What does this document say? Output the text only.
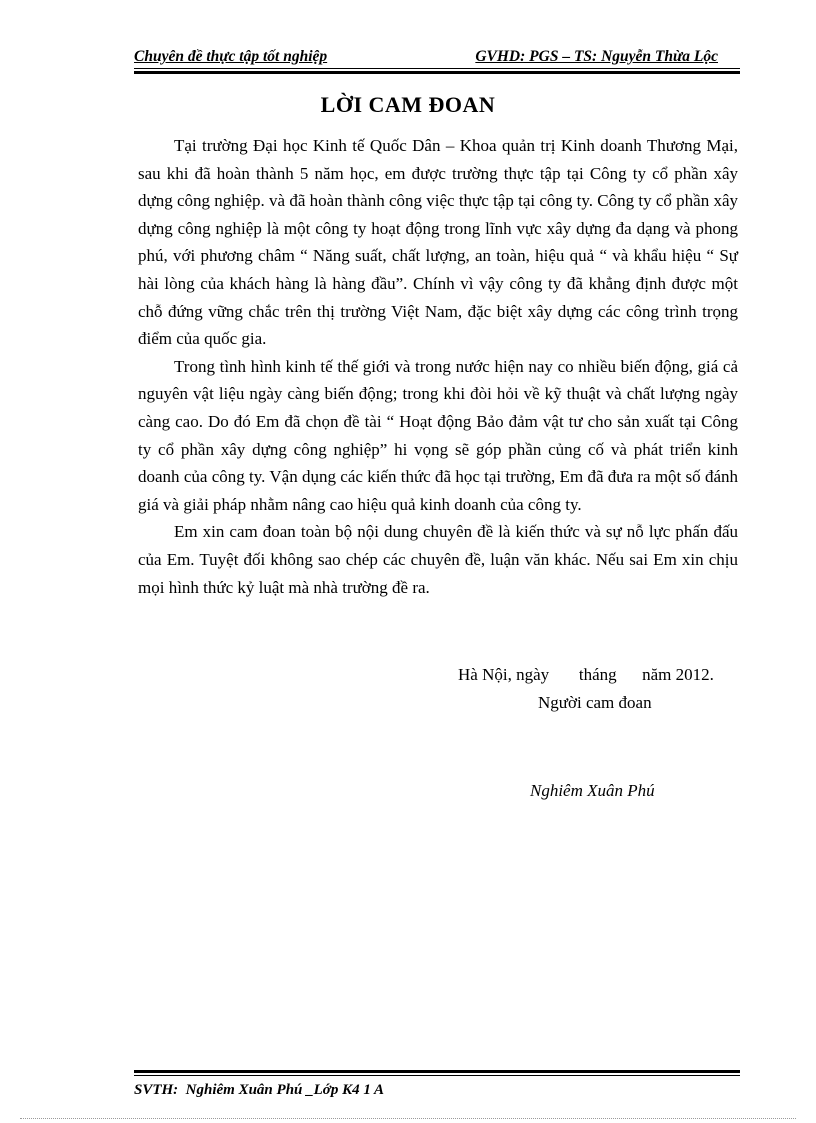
Chuyên đề thực tập tốt nghiệp	GVHD: PGS – TS: Nguyễn Thừa Lộc
LỜI CAM ĐOAN

Tại trường Đại học Kinh tế Quốc Dân – Khoa quản trị Kinh doanh Thương Mại, sau khi đã hoàn thành 5 năm học, em được trường thực tập tại Công ty cổ phần xây dựng công nghiệp. và đã hoàn thành công việc thực tập tại công ty. Công ty cổ phần xây dựng công nghiệp là một công ty hoạt động trong lĩnh vực xây dựng đa dạng và phong phú, với phương châm “ Năng suất, chất lượng, an toàn, hiệu quả “ và khẩu hiệu “ Sự hài lòng của khách hàng là hàng đầu”. Chính vì vậy công ty đã khẳng định được một chỗ đứng vững chắc trên thị trường Việt Nam, đặc biệt xây dựng các công trình trọng điểm của quốc gia.

Trong tình hình kinh tế thế giới và trong nước hiện nay co nhiều biến động, giá cả nguyên vật liệu ngày càng biến động; trong khi đòi hỏi về kỹ thuật và chất lượng ngày càng cao. Do đó Em đã chọn đề tài “ Hoạt động Bảo đảm vật tư cho sản xuất tại Công ty cổ phần xây dựng công nghiệp” hi vọng sẽ góp phần củng cố và phát triển kinh doanh của công ty. Vận dụng các kiến thức đã học tại trường, Em đã đưa ra một số đánh giá và giải pháp nhằm nâng cao hiệu quả kinh doanh của công ty.

Em xin cam đoan toàn bộ nội dung chuyên đề là kiến thức và sự nỗ lực phấn đấu của Em. Tuyệt đối không sao chép các chuyên đề, luận văn khác. Nếu sai Em xin chịu mọi hình thức kỷ luật mà nhà trường đề ra.

Hà Nội, ngày       tháng      năm 2012.
Người cam đoan
Nghiêm Xuân Phú
SVTH:  Nghiêm Xuân Phú _Lớp K4 1 A
